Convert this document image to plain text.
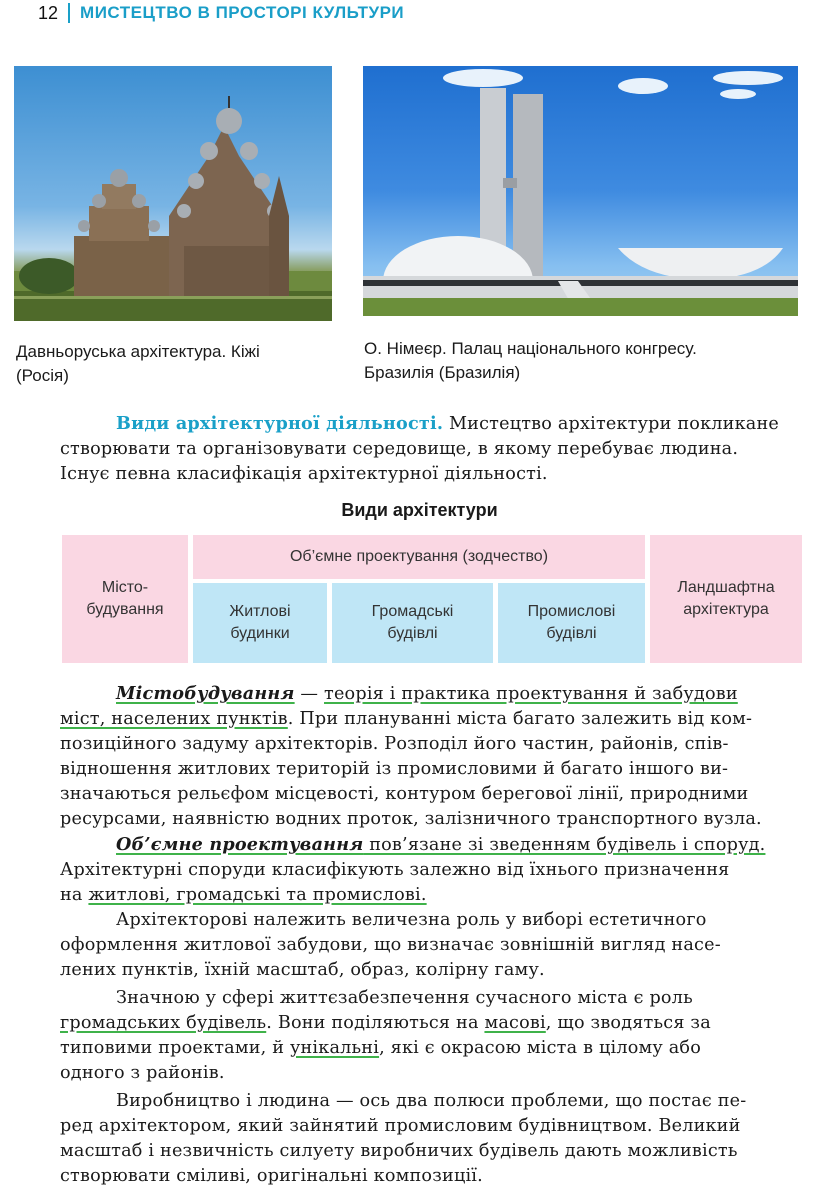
12 МИСТЕЦТВО В ПРОСТОРІ КУЛЬТУРИ
Давньоруська архітектура. Кіжі
(Росія)
О. Німеєр. Палац національного конгресу.
Бразилія (Бразилія)
Види архітектурної діяльності. Мистецтво архітектури покликане
створювати та організовувати середовище, в якому перебуває людина.
Існує певна класифікація архітектурної діяльності.
Види архітектури
Місто-
будування
Об’ємне проектування (зодчество)
Житлові
будинки
Громадські
будівлі
Промислові
будівлі
Ландшафтна
архітектура
Містобудування — теорія і практика проектування й забудови
міст, населених пунктів. При плануванні міста багато залежить від ком-
позиційного задуму архітекторів. Розподіл його частин, районів, спів-
відношення житлових територій із промисловими й багато іншого ви-
значаються рельєфом місцевості, контуром берегової лінії, природними
ресурсами, наявністю водних проток, залізничного транспортного вузла.
Об’ємне проектування пов’язане зі зведенням будівель і споруд.
Архітектурні споруди класифікують залежно від їхнього призначення
на житлові, громадські та промислові.
Архітекторові належить величезна роль у виборі естетичного
оформлення житлової забудови, що визначає зовнішній вигляд насе-
лених пунктів, їхній масштаб, образ, колірну гаму.
Значною у сфері життєзабезпечення сучасного міста є роль
громадських будівель. Вони поділяються на масові, що зводяться за
типовими проектами, й унікальні, які є окрасою міста в цілому або
одного з районів.
Виробництво і людина — ось два полюси проблеми, що постає пе-
ред архітектором, який зайнятий промисловим будівництвом. Великий
масштаб і незвичність силуету виробничих будівель дають можливість
створювати сміливі, оригінальні композиції.
